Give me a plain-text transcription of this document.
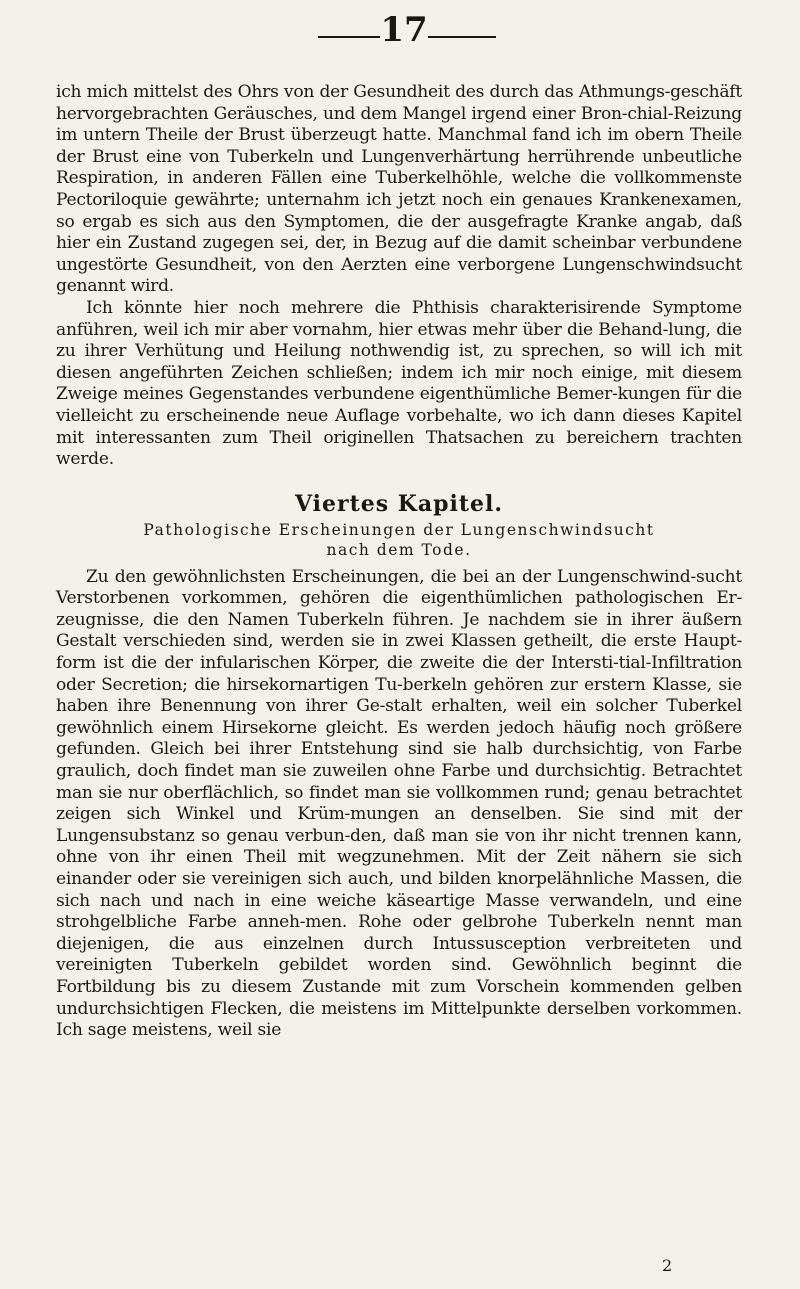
17

ich mich mittelst des Ohrs von der Gesundheit des durch das Athmungs-geschäft hervorgebrachten Geräusches, und dem Mangel irgend einer Bron-chial-Reizung im untern Theile der Brust überzeugt hatte. Manchmal fand ich im obern Theile der Brust eine von Tuberkeln und Lungenverhärtung herrührende unbeutliche Respiration, in anderen Fällen eine Tuberkelhöhle, welche die vollkommenste Pectoriloquie gewährte; unternahm ich jetzt noch ein genaues Krankenexamen, so ergab es sich aus den Symptomen, die der ausgefragte Kranke angab, daß hier ein Zustand zugegen sei, der, in Bezug auf die damit scheinbar verbundene ungestörte Gesundheit, von den Aerzten eine verborgene Lungenschwindsucht genannt wird.

Ich könnte hier noch mehrere die Phthisis charakterisirende Symptome anführen, weil ich mir aber vornahm, hier etwas mehr über die Behand-lung, die zu ihrer Verhütung und Heilung nothwendig ist, zu sprechen, so will ich mit diesen angeführten Zeichen schließen; indem ich mir noch einige, mit diesem Zweige meines Gegenstandes verbundene eigenthümliche Bemer-kungen für die vielleicht zu erscheinende neue Auflage vorbehalte, wo ich dann dieses Kapitel mit interessanten zum Theil originellen Thatsachen zu bereichern trachten werde.

Viertes Kapitel.
Pathologische Erscheinungen der Lungenschwindsucht
nach dem Tode.

Zu den gewöhnlichsten Erscheinungen, die bei an der Lungenschwind-sucht Verstorbenen vorkommen, gehören die eigenthümlichen pathologischen Er-zeugnisse, die den Namen Tuberkeln führen. Je nachdem sie in ihrer äußern Gestalt verschieden sind, werden sie in zwei Klassen getheilt, die erste Haupt-form ist die der infularischen Körper, die zweite die der Intersti-tial-Infiltration oder Secretion; die hirsekornartigen Tu-berkeln gehören zur erstern Klasse, sie haben ihre Benennung von ihrer Ge-stalt erhalten, weil ein solcher Tuberkel gewöhnlich einem Hirsekorne gleicht. Es werden jedoch häufig noch größere gefunden. Gleich bei ihrer Entstehung sind sie halb durchsichtig, von Farbe graulich, doch findet man sie zuweilen ohne Farbe und durchsichtig. Betrachtet man sie nur oberflächlich, so findet man sie vollkommen rund; genau betrachtet zeigen sich Winkel und Krüm-mungen an denselben. Sie sind mit der Lungensubstanz so genau verbun-den, daß man sie von ihr nicht trennen kann, ohne von ihr einen Theil mit wegzunehmen. Mit der Zeit nähern sie sich einander oder sie vereinigen sich auch, und bilden knorpelähnliche Massen, die sich nach und nach in eine weiche käseartige Masse verwandeln, und eine strohgelbliche Farbe anneh-men. Rohe oder gelbrohe Tuberkeln nennt man diejenigen, die aus einzelnen durch Intussusception verbreiteten und vereinigten Tuberkeln gebildet worden sind. Gewöhnlich beginnt die Fortbildung bis zu diesem Zustande mit zum Vorschein kommenden gelben undurchsichtigen Flecken, die meistens im Mittelpunkte derselben vorkommen. Ich sage meistens, weil sie

2
